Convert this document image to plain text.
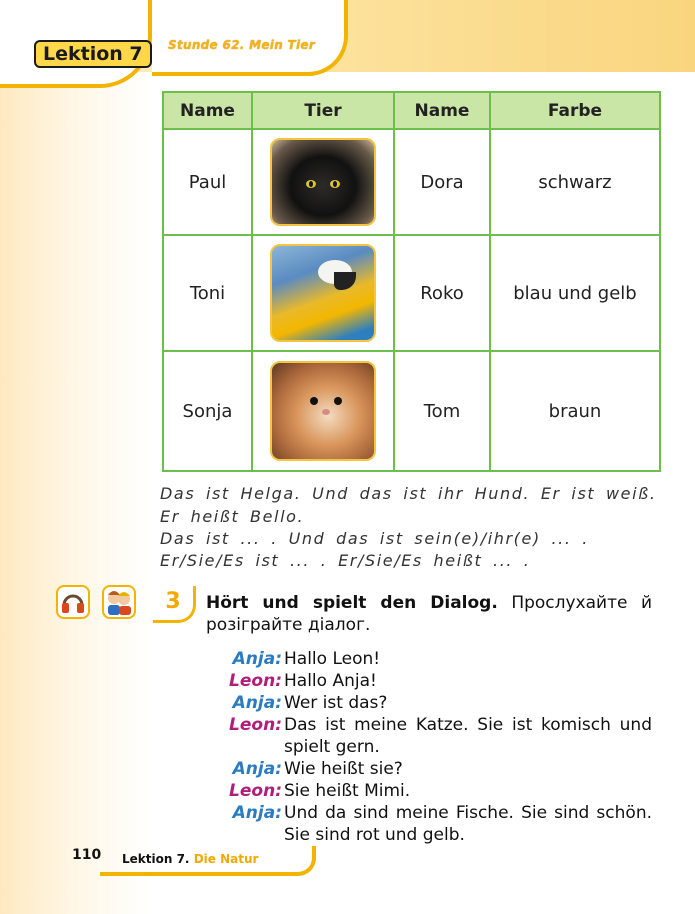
Lektion 7	Stunde 62. Mein Tier
Name	Tier	Name	Farbe
Paul		Dora	schwarz
Toni		Roko	blau und gelb
Sonja		Tom	braun
Das ist Helga. Und das ist ihr Hund. Er ist weiß.
Er heißt Bello.
Das ist ... . Und das ist sein(e)/ihr(e) ... .
Er/Sie/Es ist ... . Er/Sie/Es heißt ... .
3	Hört und spielt den Dialog. Прослухайте й розіграйте діалог.
Anja: Hallo Leon!
Leon: Hallo Anja!
Anja: Wer ist das?
Leon: Das ist meine Katze. Sie ist komisch und spielt gern.
Anja: Wie heißt sie?
Leon: Sie heißt Mimi.
Anja: Und da sind meine Fische. Sie sind schön. Sie sind rot und gelb.
110 Lektion 7. Die Natur
